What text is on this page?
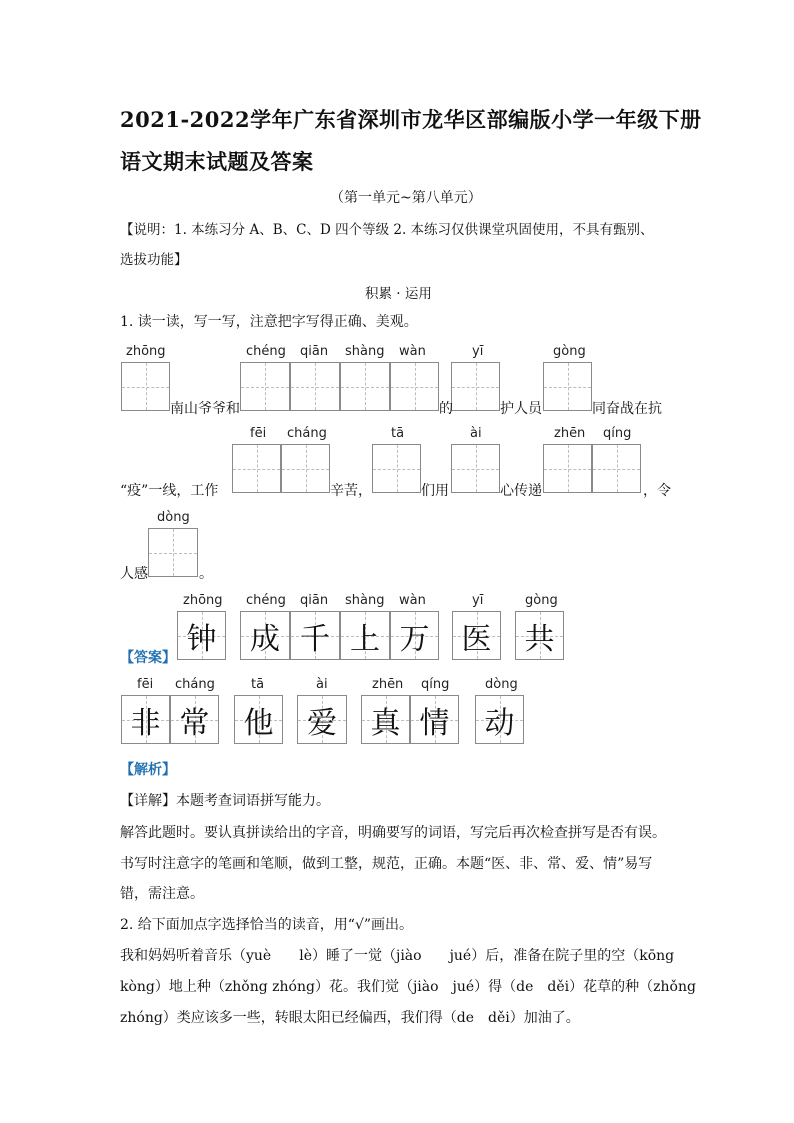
2021-2022学年广东省深圳市龙华区部编版小学一年级下册
语文期末试题及答案
（第一单元~第八单元）
【说明：1. 本练习分 A、B、C、D 四个等级 2. 本练习仅供课堂巩固使用，不具有甄别、
选拔功能】
积累 · 运用
1. 读一读，写一写，注意把字写得正确、美观。
zhōng	chéng qiān shàng wàn	yī	gòng
南山爷爷和	的	护人员	同奋战在抗
fēi cháng	tā	ài	zhēn qíng
“疫”一线，工作	辛苦，	们用	心传递	，令
dòng
人感	。
【答案】
zhōng chéng qiān shàng wàn	yī	gòng
钟	成 千 上 万 医 共
fēi cháng	tā	ài	zhēn qíng	dòng
非 常 他	爱	真 情 动
【解析】
【详解】本题考查词语拼写能力。
解答此题时。要认真拼读给出的字音，明确要写的词语，写完后再次检查拼写是否有误。
书写时注意字的笔画和笔顺，做到工整，规范，正确。本题“医、非、常、爱、情”易写
错，需注意。
2. 给下面加点字选择恰当的读音，用“√”画出。
我和妈妈听着音乐（yuè　　lè）睡了一觉（jiào　　jué）后，准备在院子里的空（kōng
kòng）地上种（zhǒng zhóng）花。我们觉（jiào　jué）得（de　děi）花草的种（zhǒng
zhóng）类应该多一些，转眼太阳已经偏西，我们得（de　děi）加油了。
